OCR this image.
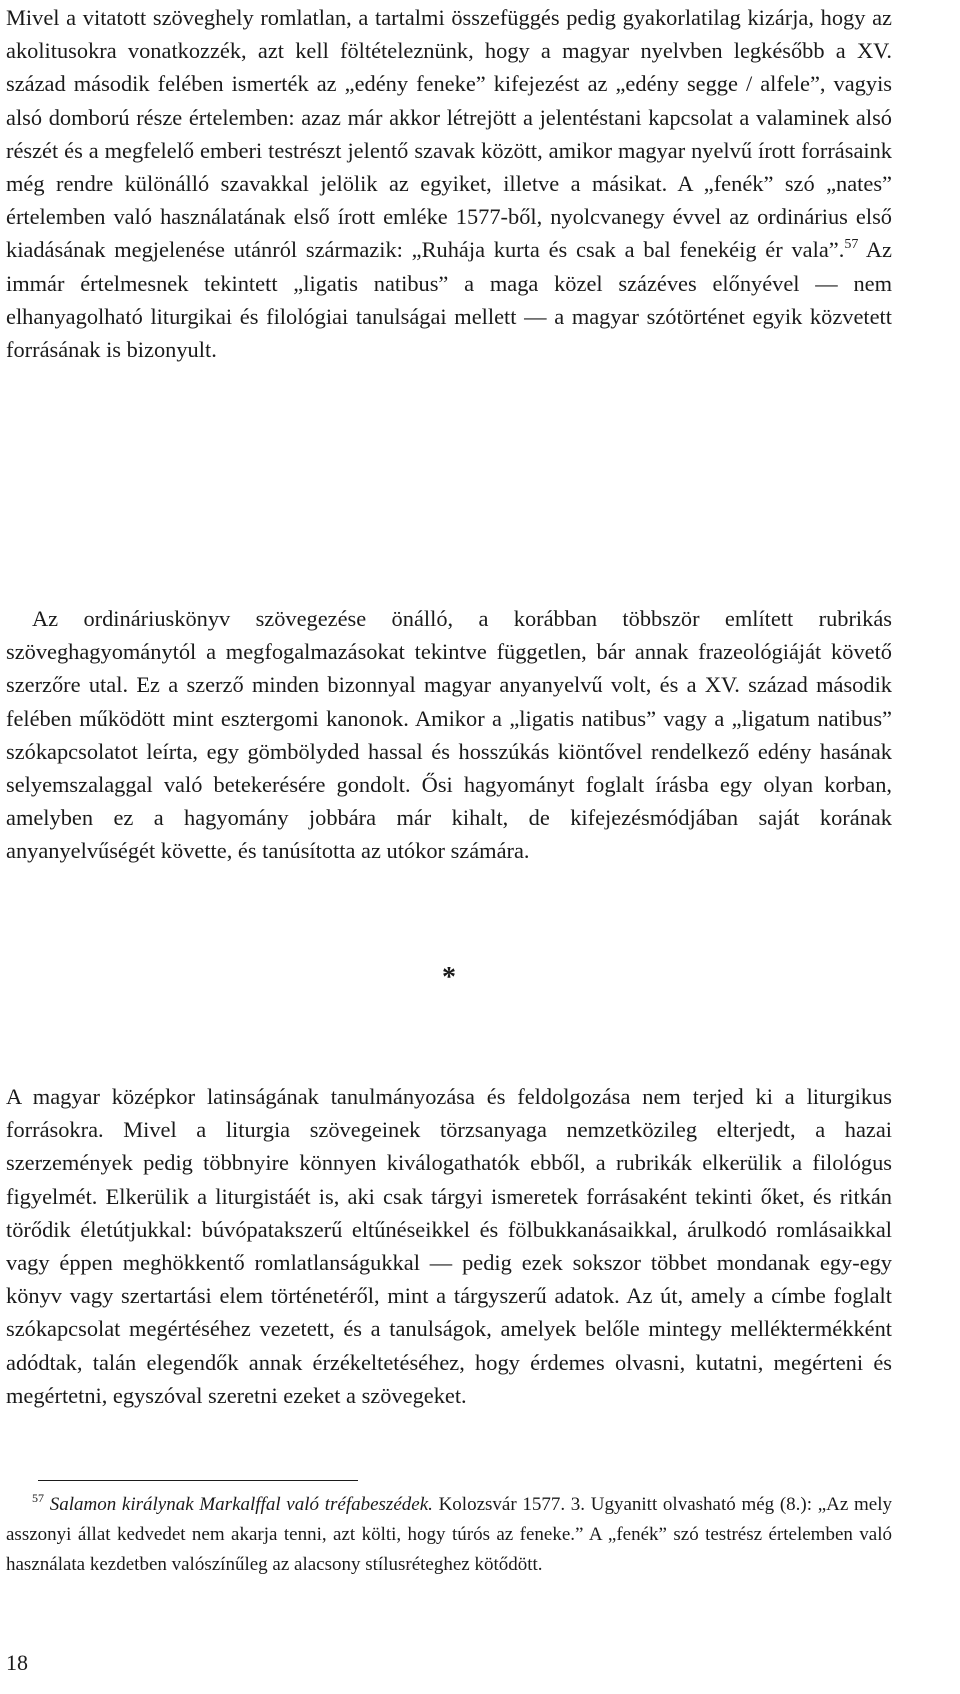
Mivel a vitatott szöveghely romlatlan, a tartalmi összefüggés pedig gyakorlatilag kizárja, hogy az akolitusokra vonatkozzék, azt kell föltételeznünk, hogy a magyar nyelvben legkésőbb a XV. század második felében ismerték az „edény feneke” kifejezést az „edény segge / alfele”, vagyis alsó domború része értelemben: azaz már akkor létrejött a jelentéstani kapcsolat a valaminek alsó részét és a megfelelő emberi testrészt jelentő szavak között, amikor magyar nyelvű írott forrásaink még rendre különálló szavakkal jelölik az egyiket, illetve a másikat. A „fenék” szó „nates” értelemben való használatának első írott emléke 1577-ből, nyolcvanegy évvel az ordinárius első kiadásának megjelenése utánról származik: „Ruhája kurta és csak a bal fenekéig ér vala”.$^{57}$ Az immár értelmesnek tekintett „ligatis natibus” a maga közel százéves előnyével — nem elhanyagolható liturgikai és filológiai tanulságai mellett — a magyar szótörténet egyik közvetett forrásának is bizonyult.

Az ordináriuskönyv szövegezése önálló, a korábban többször említett rubrikás szöveghagyománytól a megfogalmazásokat tekintve független, bár annak frazeológiáját követő szerzőre utal. Ez a szerző minden bizonnyal magyar anyanyelvű volt, és a XV. század második felében működött mint esztergomi kanonok. Amikor a „ligatis natibus” vagy a „ligatum natibus” szókapcsolatot leírta, egy gömbölyded hassal és hosszúkás kiöntővel rendelkező edény hasának selyemszalaggal való betekerésére gondolt. Ősi hagyományt foglalt írásba egy olyan korban, amelyben ez a hagyomány jobbára már kihalt, de kifejezésmódjában saját korának anyanyelvűségét követte, és tanúsította az utókor számára.

*

A magyar középkor latinságának tanulmányozása és feldolgozása nem terjed ki a liturgikus forrásokra. Mivel a liturgia szövegeinek törzsanyaga nemzetközileg elterjedt, a hazai szerzemények pedig többnyire könnyen kiválogathatók ebből, a rubrikák elkerülik a filológus figyelmét. Elkerülik a liturgistáét is, aki csak tárgyi ismeretek forrásaként tekinti őket, és ritkán törődik életútjukkal: búvópatakszerű eltűnéseikkel és fölbukkanásaikkal, árulkodó romlásaikkal vagy éppen meghökkentő romlatlanságukkal — pedig ezek sokszor többet mondanak egy-egy könyv vagy szertartási elem történetéről, mint a tárgyszerű adatok. Az út, amely a címbe foglalt szókapcsolat megértéséhez vezetett, és a tanulságok, amelyek belőle mintegy melléktermékként adódtak, talán elegendők annak érzékeltetéséhez, hogy érdemes olvasni, kutatni, megérteni és megértetni, egyszóval szeretni ezeket a szövegeket.

$^{57}$ Salamon királynak Markalffal való tréfabeszédek. Kolozsvár 1577. 3. Ugyanitt olvasható még (8.): „Az mely asszonyi állat kedvedet nem akarja tenni, azt költi, hogy túrós az feneke.” A „fenék” szó testrész értelemben való használata kezdetben valószínűleg az alacsony stílusréteghez kötődött.

18
